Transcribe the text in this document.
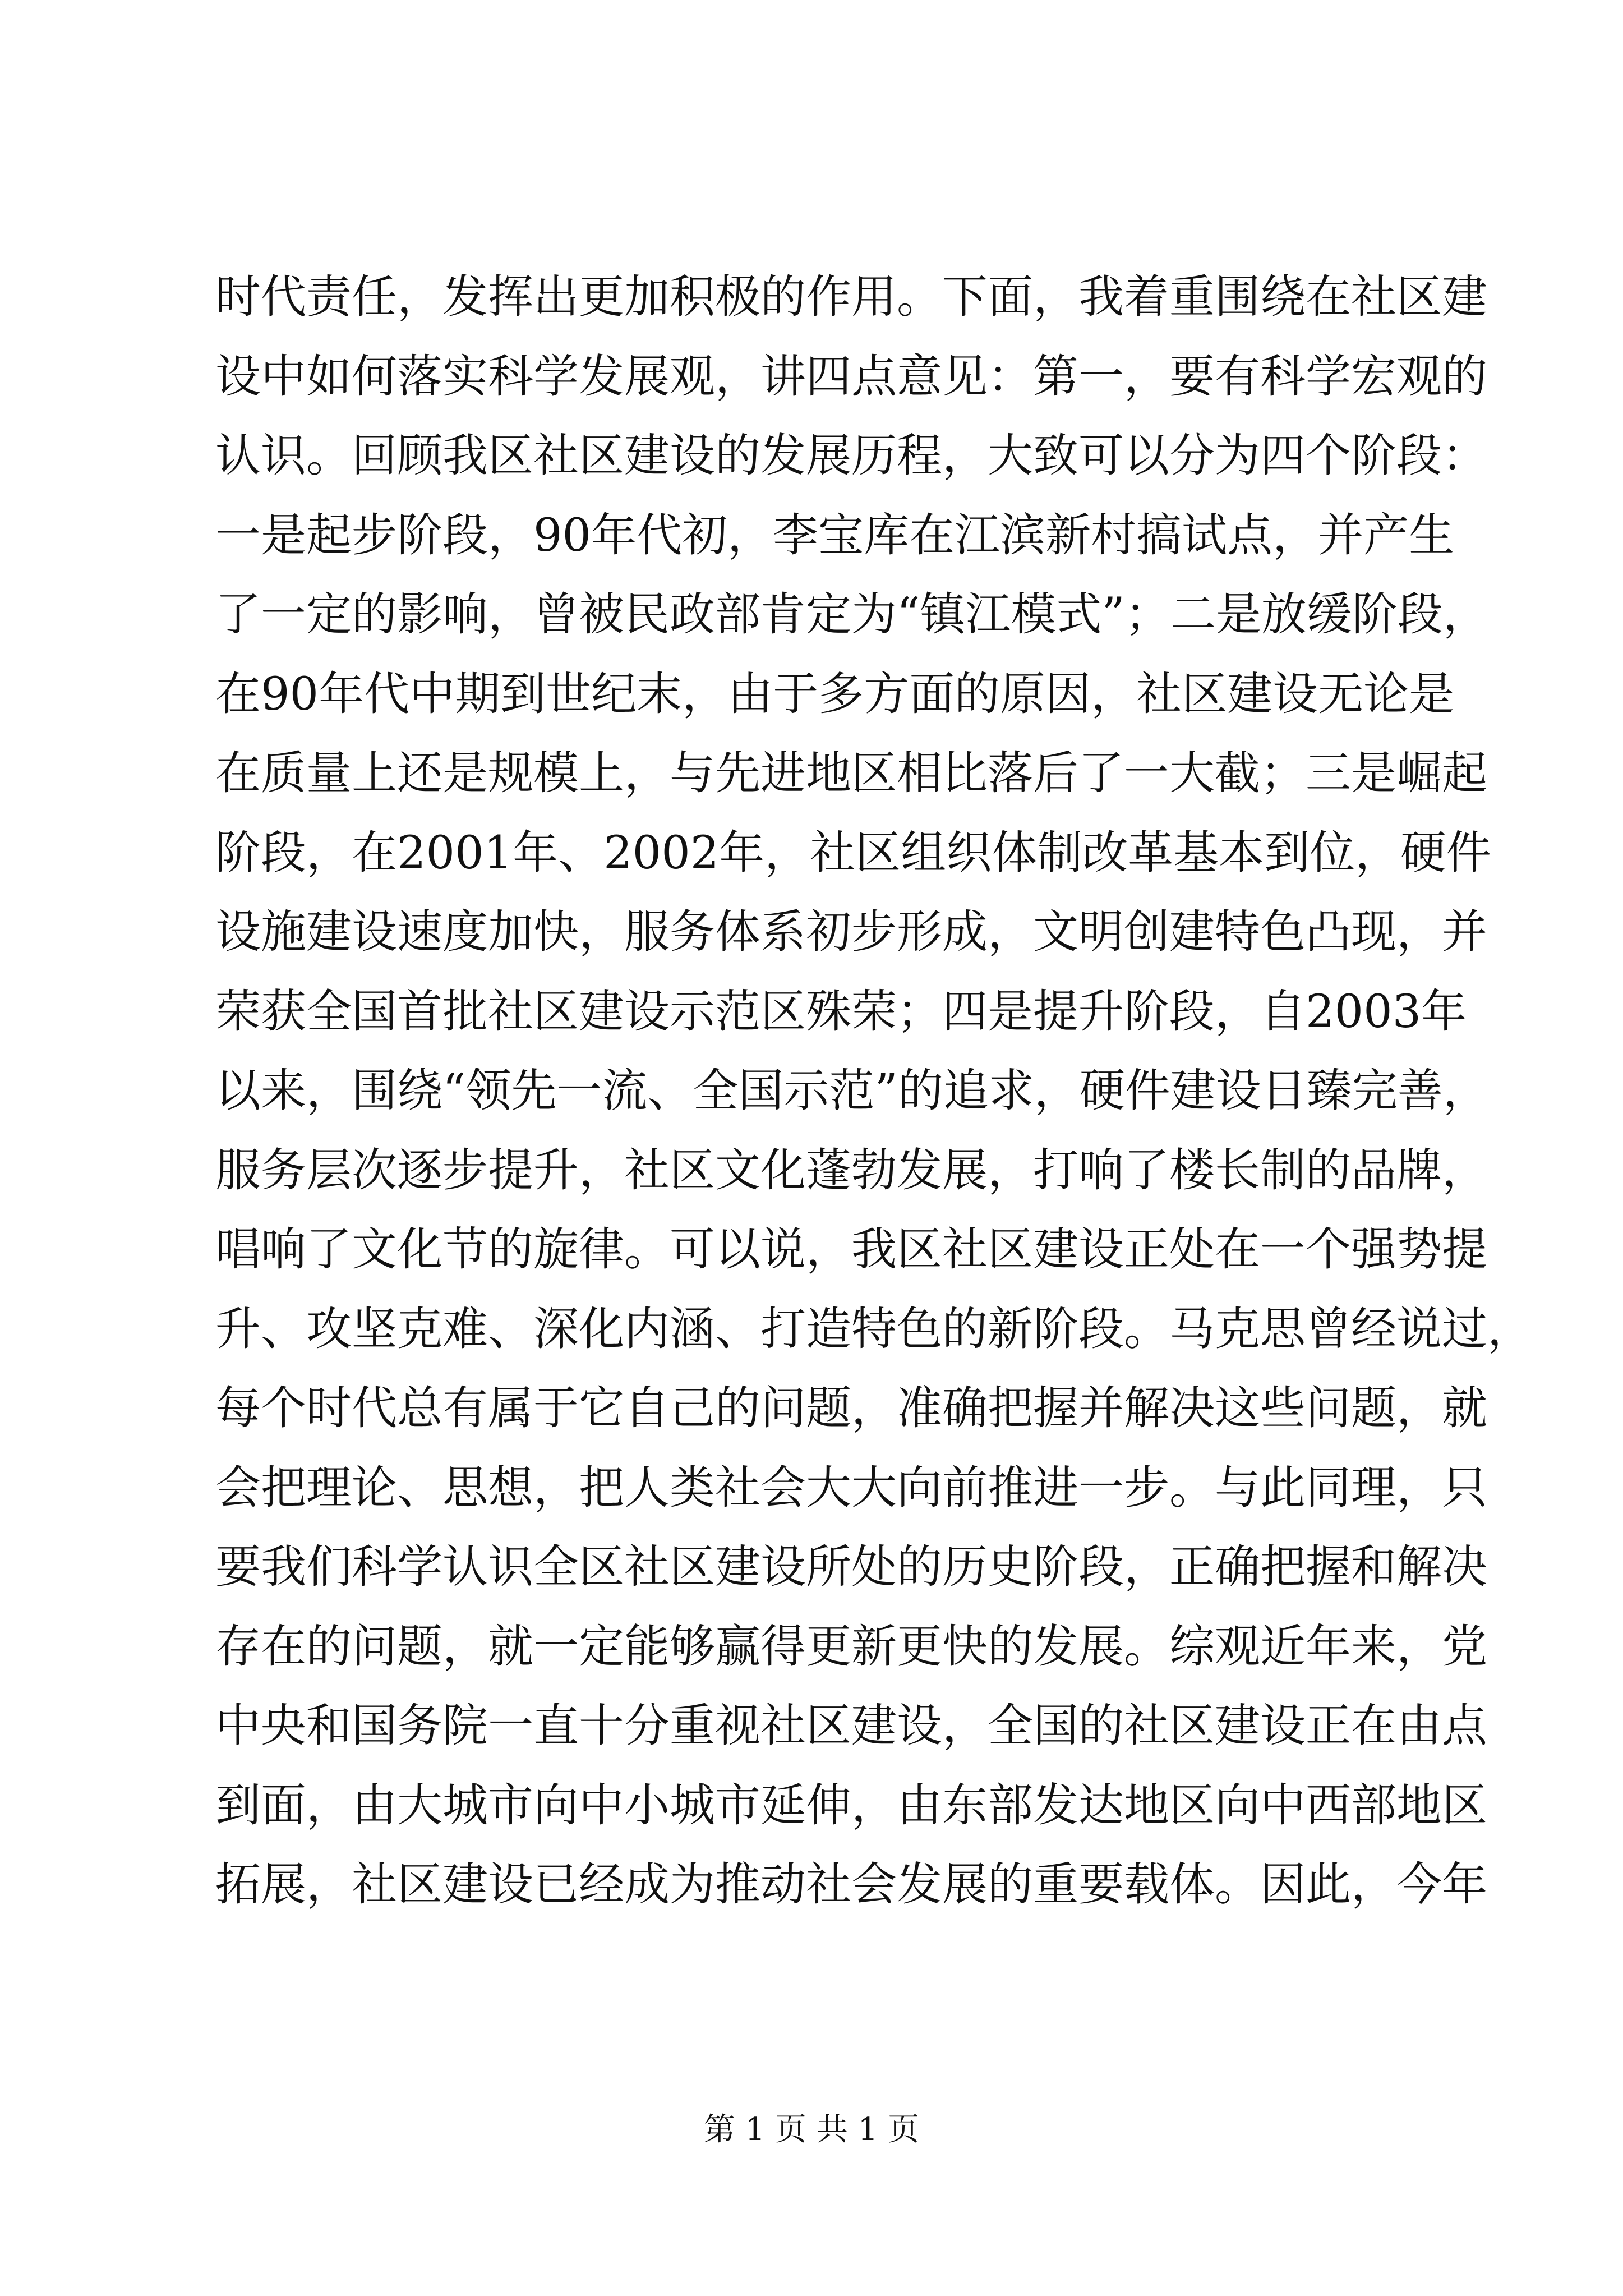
时代责任，发挥出更加积极的作用。下面，我着重围绕在社区建
设中如何落实科学发展观，讲四点意见：第一，要有科学宏观的
认识。回顾我区社区建设的发展历程，大致可以分为四个阶段：
一是起步阶段，90年代初，李宝库在江滨新村搞试点，并产生
了一定的影响，曾被民政部肯定为“镇江模式”；二是放缓阶段，
在90年代中期到世纪末，由于多方面的原因，社区建设无论是
在质量上还是规模上，与先进地区相比落后了一大截；三是崛起
阶段，在2001年、2002年，社区组织体制改革基本到位，硬件
设施建设速度加快，服务体系初步形成，文明创建特色凸现，并
荣获全国首批社区建设示范区殊荣；四是提升阶段，自2003年
以来，围绕“领先一流、全国示范”的追求，硬件建设日臻完善，
服务层次逐步提升，社区文化蓬勃发展，打响了楼长制的品牌，
唱响了文化节的旋律。可以说，我区社区建设正处在一个强势提
升、攻坚克难、深化内涵、打造特色的新阶段。马克思曾经说过，
每个时代总有属于它自己的问题，准确把握并解决这些问题，就
会把理论、思想，把人类社会大大向前推进一步。与此同理，只
要我们科学认识全区社区建设所处的历史阶段，正确把握和解决
存在的问题，就一定能够赢得更新更快的发展。综观近年来，党
中央和国务院一直十分重视社区建设，全国的社区建设正在由点
到面，由大城市向中小城市延伸，由东部发达地区向中西部地区
拓展，社区建设已经成为推动社会发展的重要载体。因此，今年
第 1 页 共 1 页
